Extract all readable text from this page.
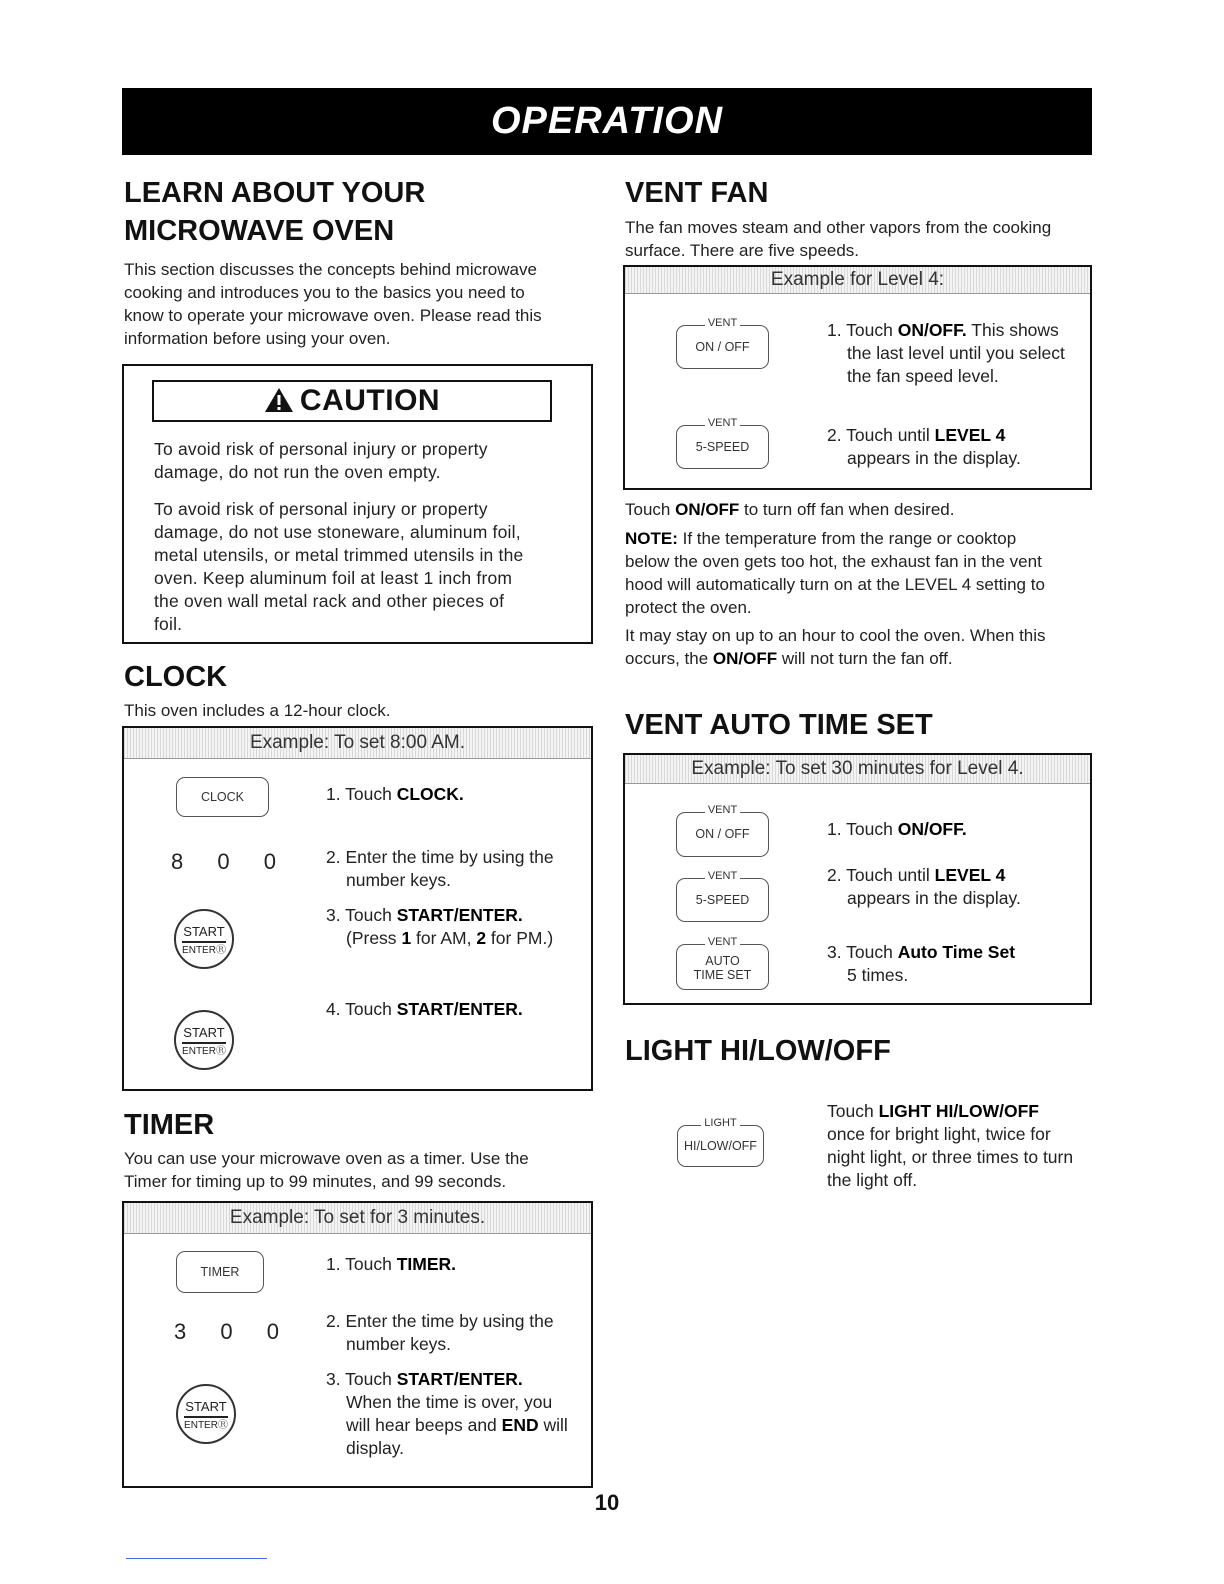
OPERATION
LEARN ABOUT YOUR
MICROWAVE OVEN
This section discusses the concepts behind microwave
cooking and introduces you to the basics you need to
know to operate your microwave oven. Please read this
information before using your oven.
CAUTION
To avoid risk of personal injury or property
damage, do not run the oven empty.
To avoid risk of personal injury or property
damage, do not use stoneware, aluminum foil,
metal utensils, or metal trimmed utensils in the
oven. Keep aluminum foil at least 1 inch from
the oven wall metal rack and other pieces of
foil.
CLOCK
This oven includes a 12-hour clock.
Example: To set 8:00 AM.
CLOCK	1. Touch CLOCK.
8 0 0 2. Enter the time by using the
number keys.
START
ENTERⓇ
3. Touch START/ENTER.
(Press 1 for AM, 2 for PM.)
START
ENTERⓇ
4. Touch START/ENTER.
TIMER
You can use your microwave oven as a timer. Use the
Timer for timing up to 99 minutes, and 99 seconds.
Example: To set for 3 minutes.
TIMER	1. Touch TIMER.
3 0 0 2. Enter the time by using the
number keys.
START
ENTERⓇ
3. Touch START/ENTER.
When the time is over, you
will hear beeps and END will
display.
VENT FAN
The fan moves steam and other vapors from the cooking
surface. There are five speeds.
Example for Level 4:
VENT
ON / OFF
1. Touch ON/OFF. This shows
the last level until you select
the fan speed level.
VENT
5-SPEED
2. Touch until LEVEL 4
appears in the display.
Touch ON/OFF to turn off fan when desired.
NOTE: If the temperature from the range or cooktop
below the oven gets too hot, the exhaust fan in the vent
hood will automatically turn on at the LEVEL 4 setting to
protect the oven.
It may stay on up to an hour to cool the oven. When this
occurs, the ON/OFF will not turn the fan off.
VENT AUTO TIME SET
Example: To set 30 minutes for Level 4.
VENT
ON / OFF	1. Touch ON/OFF.
VENT
5-SPEED
2. Touch until LEVEL 4
appears in the display.
VENT
AUTO
TIME SET
3. Touch Auto Time Set
5 times.
LIGHT HI/LOW/OFF
LIGHT
HI/LOW/OFF
Touch LIGHT HI/LOW/OFF
once for bright light, twice for
night light, or three times to turn
the light off.
10
